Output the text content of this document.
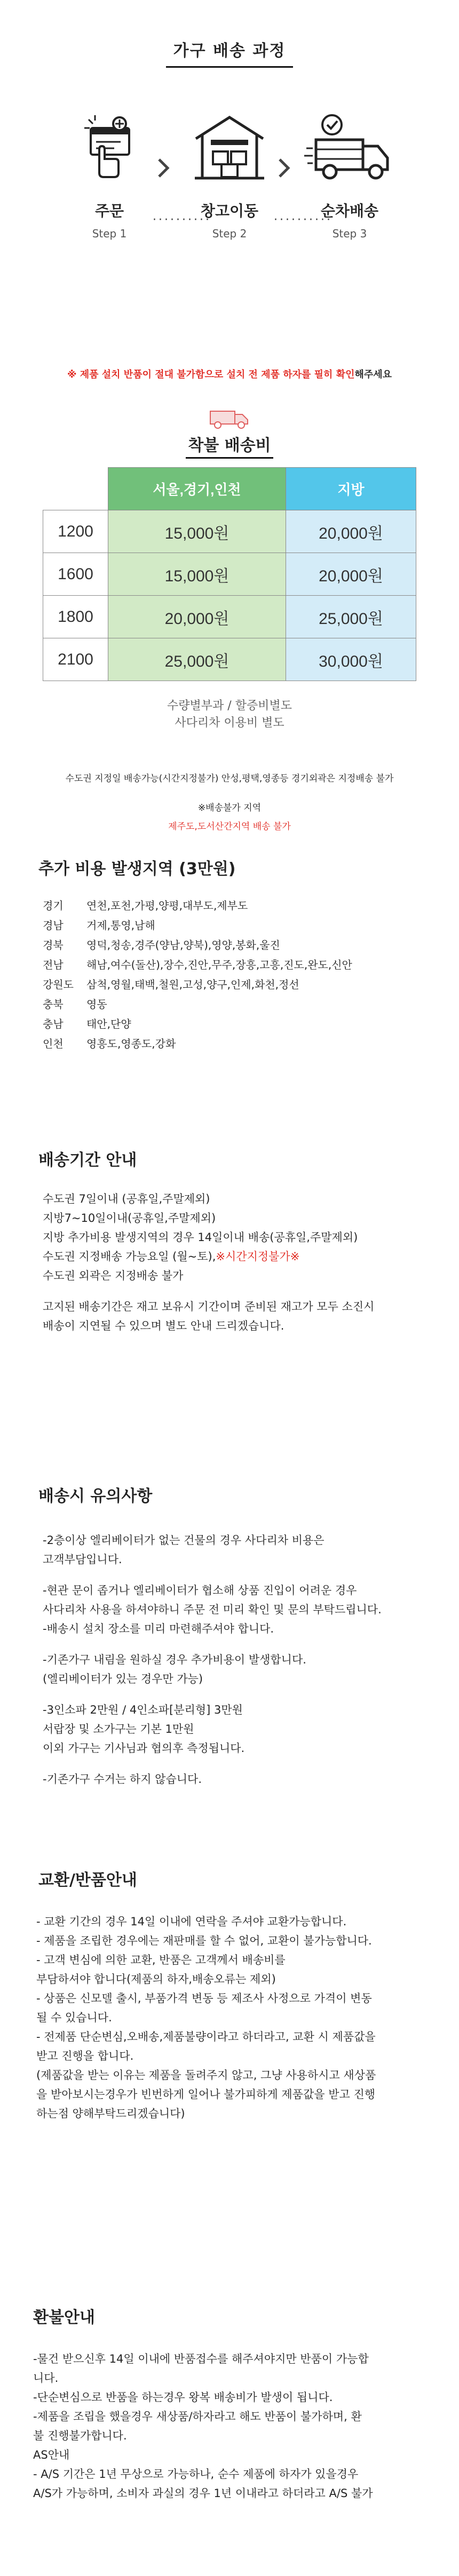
가구 배송 과정
주문
Step 1
··········
창고이동
Step 2
··········
순차배송
Step 3
※ 제품 설치 반품이 절대 불가함으로 설치 전 제품 하자를 필히 확인해주세요
착불 배송비
	서울,경기,인천	지방
1200	15,000원	20,000원
1600	15,000원	20,000원
1800	20,000원	25,000원
2100	25,000원	30,000원
수량별부과 / 할증비별도
사다리차 이용비 별도
수도권 지정일 배송가능(시간지정불가) 안성,평택,영종등 경기외곽은 지정배송 불가
※배송불가 지역
제주도,도서산간지역 배송 불가
추가 비용 발생지역 (3만원)
경기	연천,포천,가평,양평,대부도,제부도
경남	거제,통영,남해
경북	영덕,청송,경주(양남,양북),영양,봉화,울진
전남	해남,여수(돌산),장수,진안,무주,장흥,고흥,진도,완도,신안
강원도	삼척,영월,태백,철원,고성,양구,인제,화천,정선
충북	영동
충남	태안,단양
인천	영흥도,영종도,강화
배송기간 안내

수도권 7일이내 (공휴일,주말제외)

지방7~10일이내(공휴일,주말제외)

지방 추가비용 발생지역의 경우 14일이내 배송(공휴일,주말제외)

수도권 지정배송 가능요일 (월~토),※시간지정불가※

수도권 외곽은 지정배송 불가

고지된 배송기간은 재고 보유시 기간이며 준비된 재고가 모두 소진시

배송이 지연될 수 있으며 별도 안내 드리겠습니다.

배송시 유의사항

-2층이상 엘리베이터가 없는 건물의 경우 사다리차 비용은

고객부담입니다.

-현관 문이 좁거나 엘리베이터가 협소해 상품 진입이 어려운 경우

사다리차 사용을 하셔야하니 주문 전 미리 확인 및 문의 부탁드립니다.

-배송시 설치 장소를 미리 마련해주셔야 합니다.

-기존가구 내림을 원하실 경우 추가비용이 발생합니다.

(엘리베이터가 있는 경우만 가능)

-3인소파 2만원 / 4인소파[분리형] 3만원

서랍장 및 소가구는 기본 1만원

이외 가구는 기사님과 협의후 측정됩니다.

-기존가구 수거는 하지 않습니다.

교환/반품안내

- 교환 기간의 경우 14일 이내에 연락을 주셔야 교환가능합니다.

- 제품을 조립한 경우에는 재판매를 할 수 없어, 교환이 불가능합니다.

- 고객 변심에 의한 교환, 반품은 고객께서 배송비를

부담하셔야 합니다(제품의 하자,배송오류는 제외)

- 상품은 신모델 출시, 부품가격 변동 등 제조사 사정으로 가격이 변동

될 수 있습니다.

- 전제품 단순변심,오배송,제품불량이라고 하더라고, 교환 시 제품값을

받고 진행을 합니다.

(제품값을 받는 이유는 제품을 돌려주지 않고, 그냥 사용하시고 새상품

을 받아보시는경우가 빈번하게 일어나 불가피하게 제품값을 받고 진행

하는점 양해부탁드리겠습니다)

환불안내

-물건 받으신후 14일 이내에 반품접수를 해주셔야지만 반품이 가능합

니다.

-단순변심으로 반품을 하는경우 왕복 배송비가 발생이 됩니다.

-제품을 조립을 했을경우 새상품/하자라고 해도 반품이 불가하며, 환

불 진행불가합니다.

AS안내

- A/S 기간은 1년 무상으로 가능하나, 순수 제품에 하자가 있을경우

A/S가 가능하며, 소비자 과실의 경우 1년 이내라고 하더라고 A/S 불가
